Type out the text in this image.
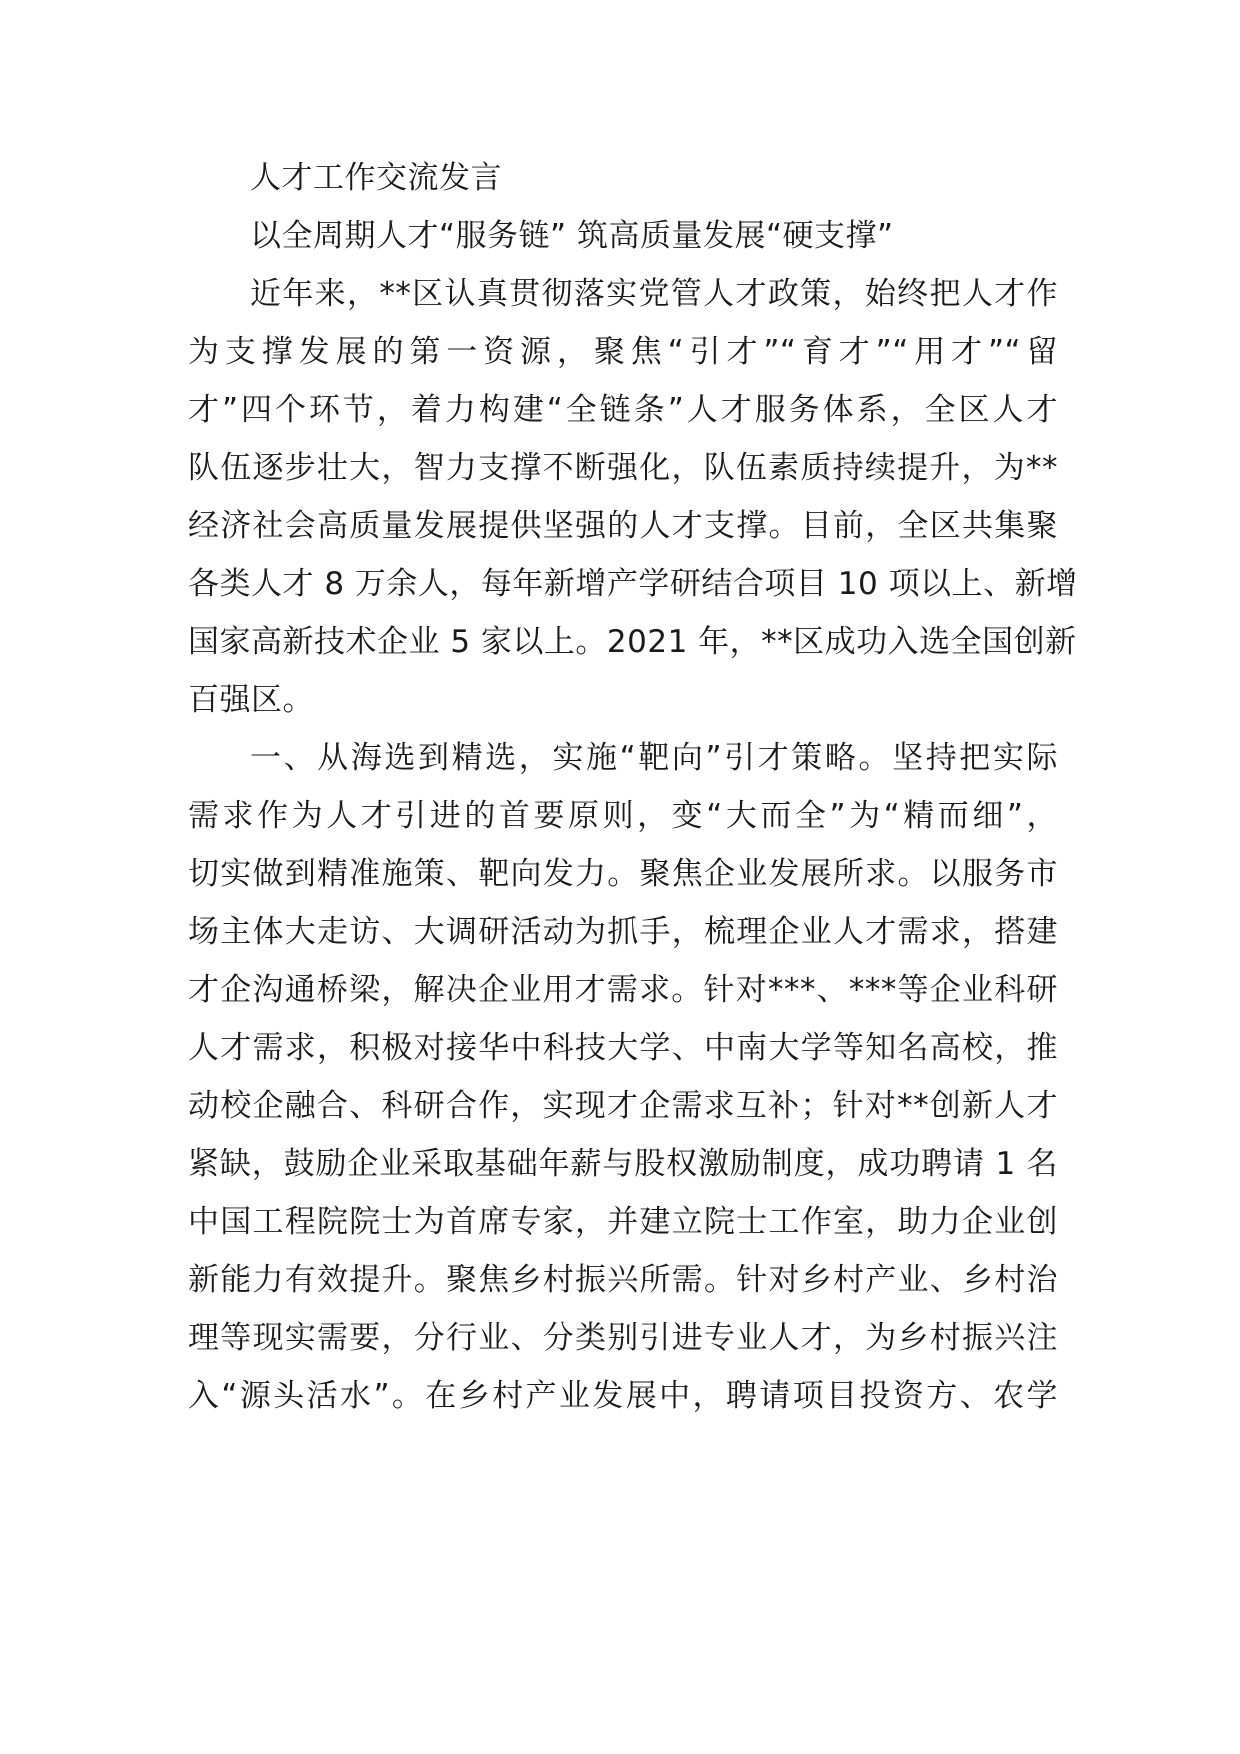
人才工作交流发言
以全周期人才“服务链” 筑高质量发展“硬支撑”
近年来，**区认真贯彻落实党管人才政策，始终把人才作
为支撑发展的第一资源，聚焦“引才”“育才”“用才”“留
才”四个环节，着力构建“全链条”人才服务体系，全区人才
队伍逐步壮大，智力支撑不断强化，队伍素质持续提升，为**
经济社会高质量发展提供坚强的人才支撑。目前，全区共集聚
各类人才 8 万余人，每年新增产学研结合项目 10 项以上、新增
国家高新技术企业 5 家以上。2021 年，**区成功入选全国创新
百强区。
一、从海选到精选，实施“靶向”引才策略。坚持把实际
需求作为人才引进的首要原则，变“大而全”为“精而细”，
切实做到精准施策、靶向发力。聚焦企业发展所求。以服务市
场主体大走访、大调研活动为抓手，梳理企业人才需求，搭建
才企沟通桥梁，解决企业用才需求。针对***、***等企业科研
人才需求，积极对接华中科技大学、中南大学等知名高校，推
动校企融合、科研合作，实现才企需求互补；针对**创新人才
紧缺，鼓励企业采取基础年薪与股权激励制度，成功聘请 1 名
中国工程院院士为首席专家，并建立院士工作室，助力企业创
新能力有效提升。聚焦乡村振兴所需。针对乡村产业、乡村治
理等现实需要，分行业、分类别引进专业人才，为乡村振兴注
入“源头活水”。在乡村产业发展中，聘请项目投资方、农学
